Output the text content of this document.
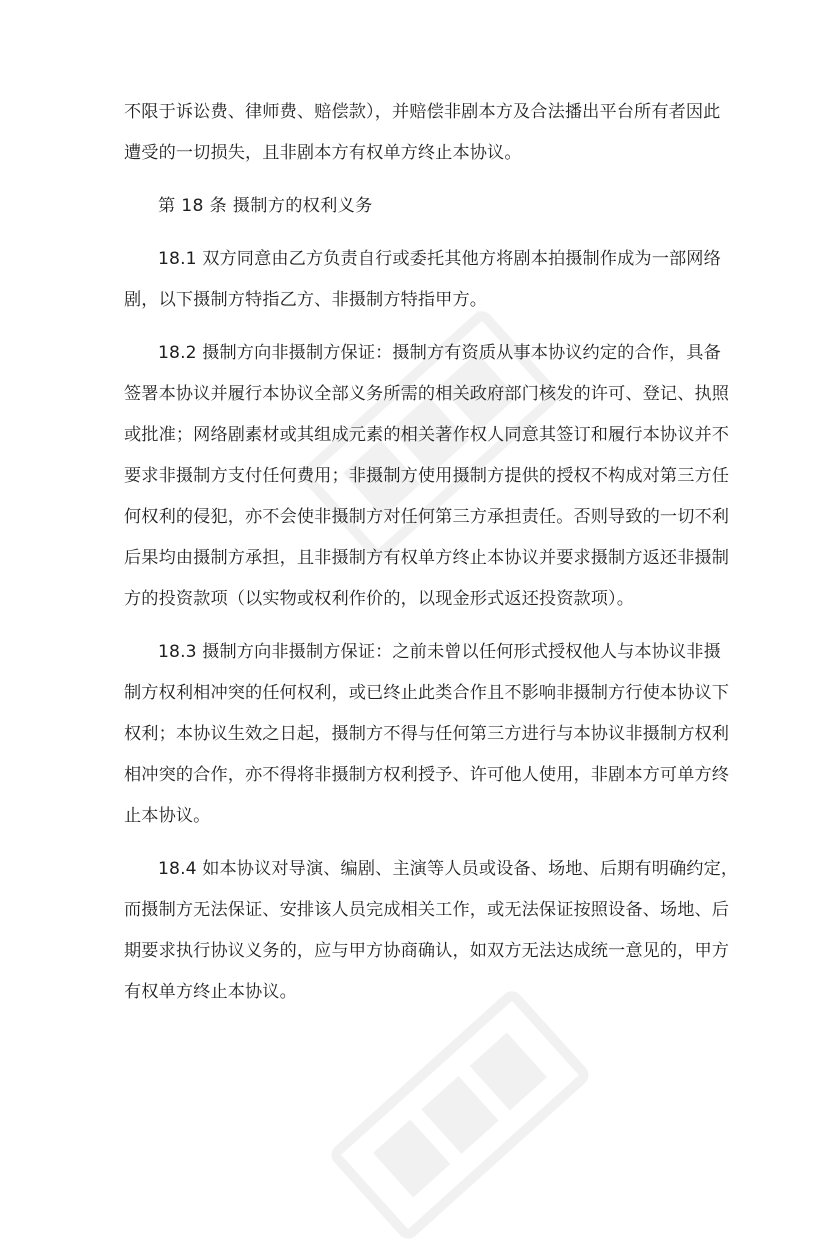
不限于诉讼费、律师费、赔偿款），并赔偿非剧本方及合法播出平台所有者因此
遭受的一切损失，且非剧本方有权单方终止本协议。
第 18 条 摄制方的权利义务
18.1 双方同意由乙方负责自行或委托其他方将剧本拍摄制作成为一部网络
剧，以下摄制方特指乙方、非摄制方特指甲方。
18.2 摄制方向非摄制方保证：摄制方有资质从事本协议约定的合作，具备
签署本协议并履行本协议全部义务所需的相关政府部门核发的许可、登记、执照
或批准；网络剧素材或其组成元素的相关著作权人同意其签订和履行本协议并不
要求非摄制方支付任何费用；非摄制方使用摄制方提供的授权不构成对第三方任
何权利的侵犯，亦不会使非摄制方对任何第三方承担责任。否则导致的一切不利
后果均由摄制方承担，且非摄制方有权单方终止本协议并要求摄制方返还非摄制
方的投资款项（以实物或权利作价的，以现金形式返还投资款项）。
18.3 摄制方向非摄制方保证：之前未曾以任何形式授权他人与本协议非摄
制方权利相冲突的任何权利，或已终止此类合作且不影响非摄制方行使本协议下
权利；本协议生效之日起，摄制方不得与任何第三方进行与本协议非摄制方权利
相冲突的合作，亦不得将非摄制方权利授予、许可他人使用，非剧本方可单方终
止本协议。
18.4 如本协议对导演、编剧、主演等人员或设备、场地、后期有明确约定，
而摄制方无法保证、安排该人员完成相关工作，或无法保证按照设备、场地、后
期要求执行协议义务的，应与甲方协商确认，如双方无法达成统一意见的，甲方
有权单方终止本协议。
